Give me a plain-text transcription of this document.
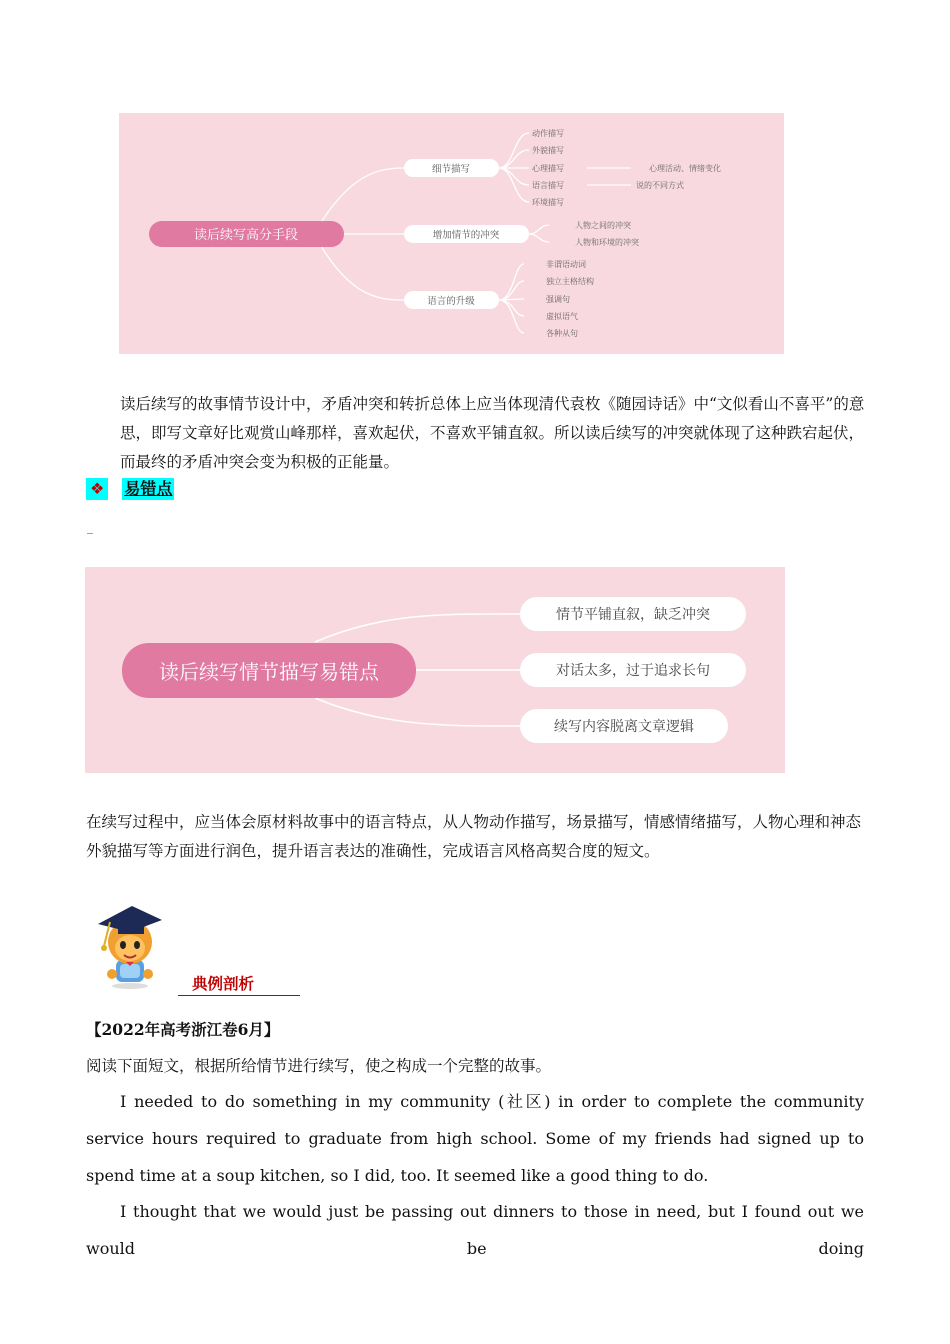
读后续写高分手段
细节描写
增加情节的冲突
语言的升级
动作描写
外貌描写
心理描写
语言描写
环境描写
心理活动、情绪变化
说的不同方式
人物之间的冲突
人物和环境的冲突
非谓语动词
独立主格结构
强调句
虚拟语气
各种从句

读后续写的故事情节设计中，矛盾冲突和转折总体上应当体现清代袁枚《随园诗话》中“文似看山不喜平”的意思，即写文章好比观赏山峰那样，喜欢起伏，不喜欢平铺直叙。所以读后续写的冲突就体现了这种跌宕起伏，而最终的矛盾冲突会变为积极的正能量。

❖ 易错点
_
读后续写情节描写易错点
情节平铺直叙，缺乏冲突
对话太多，过于追求长句
续写内容脱离文章逻辑

在续写过程中，应当体会原材料故事中的语言特点，从人物动作描写，场景描写，情感情绪描写，人物心理和神态外貌描写等方面进行润色，提升语言表达的准确性，完成语言风格高契合度的短文。

典例剖析
【2022年高考浙江卷6月】
阅读下面短文，根据所给情节进行续写，使之构成一个完整的故事。

I needed to do something in my community (社区) in order to complete the community service hours required to graduate from high school. Some of my friends had signed up to spend time at a soup kitchen, so I did, too. It seemed like a good thing to do.

I thought that we would just be passing out dinners to those in need, but I found out we would be doing
